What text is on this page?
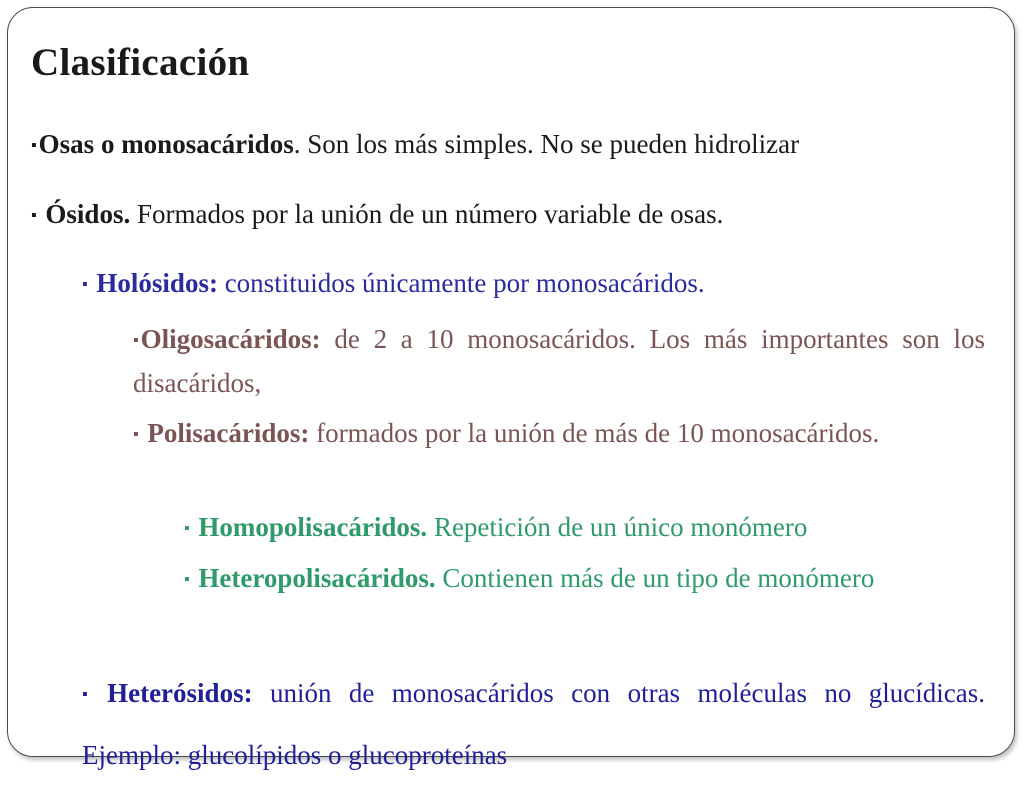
Clasificación
▪Osas o monosacáridos. Son los más simples. No se pueden hidrolizar
▪ Ósidos. Formados por la unión de un número variable de osas.
▪ Holósidos: constituidos únicamente por monosacáridos.
▪Oligosacáridos: de 2 a 10 monosacáridos. Los más importantes son los disacáridos,
▪ Polisacáridos: formados por la unión de más de 10 monosacáridos.
▪ Homopolisacáridos. Repetición de un único monómero
▪ Heteropolisacáridos. Contienen más de un tipo de monómero
▪ Heterósidos: unión de monosacáridos con otras moléculas no glucídicas. Ejemplo: glucolípidos o glucoproteínas
